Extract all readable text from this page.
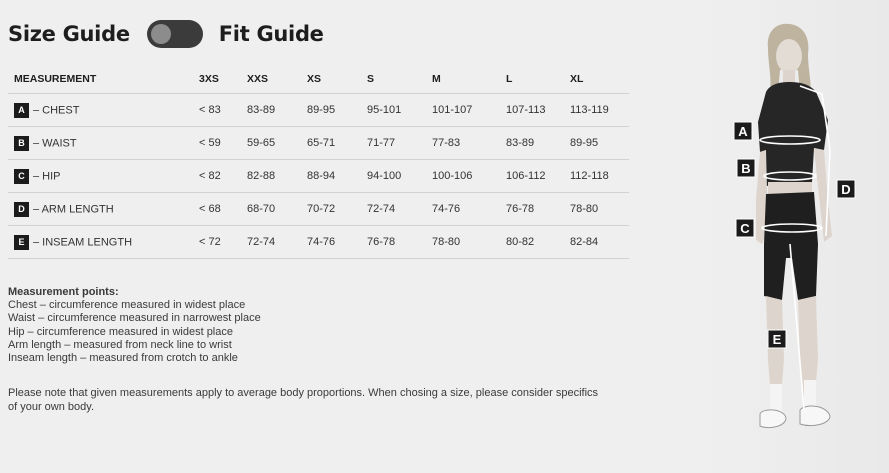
Size Guide	Fit Guide
MEASUREMENT	3XS	XXS	XS	S	M	L	XL
A – CHEST	< 83	83-89	89-95	95-101	101-107	107-113	113-119
B – WAIST	< 59	59-65	65-71	71-77	77-83	83-89	89-95
C – HIP	< 82	82-88	88-94	94-100	100-106	106-112	112-118
D – ARM LENGTH	< 68	68-70	70-72	72-74	74-76	76-78	78-80
E – INSEAM LENGTH	< 72	72-74	74-76	76-78	78-80	80-82	82-84
Measurement points:
Chest – circumference measured in widest place
Waist – circumference measured in narrowest place
Hip – circumference measured in widest place
Arm length – measured from neck line to wrist
Inseam length – measured from crotch to ankle
Please note that given measurements apply to average body proportions. When chosing a size, please consider specifics of your own body.
A
B
C
D
E
